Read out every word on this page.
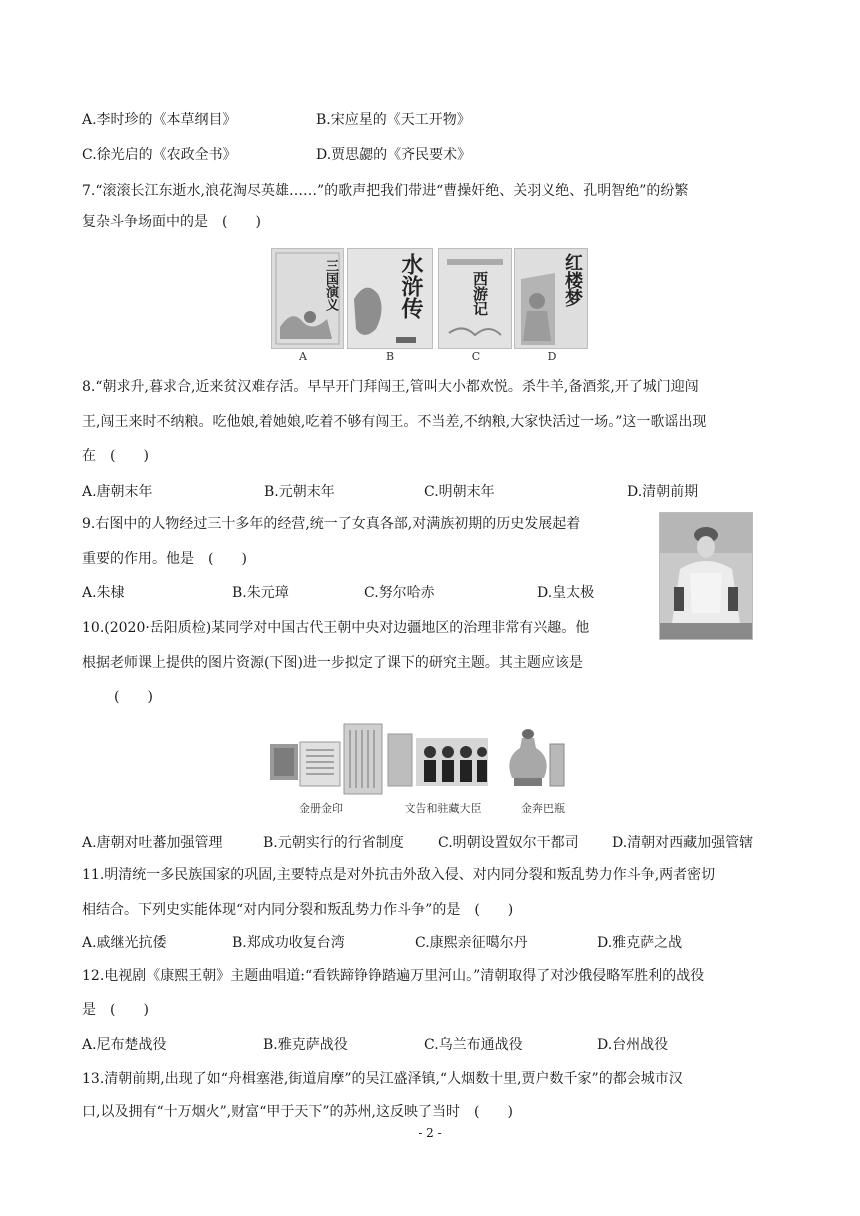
A.李时珍的《本草纲目》	B.宋应星的《天工开物》
C.徐光启的《农政全书》	D.贾思勰的《齐民要术》
7.“滚滚长江东逝水,浪花淘尽英雄……”的歌声把我们带进“曹操奸绝、关羽义绝、孔明智绝”的纷繁
复杂斗争场面中的是　(　　)
三国演义	水浒传	西游记	红楼梦
A	B	C	D
8.“朝求升,暮求合,近来贫汉难存活。早早开门拜闯王,管叫大小都欢悦。杀牛羊,备酒浆,开了城门迎闯
王,闯王来时不纳粮。吃他娘,着她娘,吃着不够有闯王。不当差,不纳粮,大家快活过一场。”这一歌谣出现
在　(　　)
A.唐朝末年	B.元朝末年	C.明朝末年	D.清朝前期
9.右图中的人物经过三十多年的经营,统一了女真各部,对满族初期的历史发展起着
重要的作用。他是　(　　)
A.朱棣	B.朱元璋	C.努尔哈赤	D.皇太极
10.(2020·岳阳质检)某同学对中国古代王朝中央对边疆地区的治理非常有兴趣。他
根据老师课上提供的图片资源(下图)进一步拟定了课下的研究主题。其主题应该是
(　　)
金册金印	文告和驻藏大臣	金奔巴瓶
A.唐朝对吐蕃加强管理	B.元朝实行的行省制度 C.明朝设置奴尔干都司 D.清朝对西藏加强管辖
11.明清统一多民族国家的巩固,主要特点是对外抗击外敌入侵、对内同分裂和叛乱势力作斗争,两者密切
相结合。下列史实能体现“对内同分裂和叛乱势力作斗争”的是　(　　)
A.戚继光抗倭	B.郑成功收复台湾	C.康熙亲征噶尔丹	D.雅克萨之战
12.电视剧《康熙王朝》主题曲唱道:“看铁蹄铮铮踏遍万里河山。”清朝取得了对沙俄侵略军胜利的战役
是　(　　)
A.尼布楚战役	B.雅克萨战役	C.乌兰布通战役	D.台州战役
13.清朝前期,出现了如“舟楫塞港,街道肩摩”的吴江盛泽镇,“人烟数十里,贾户数千家”的都会城市汉
口,以及拥有“十万烟火”,财富“甲于天下”的苏州,这反映了当时　(　　)
- 2 -
